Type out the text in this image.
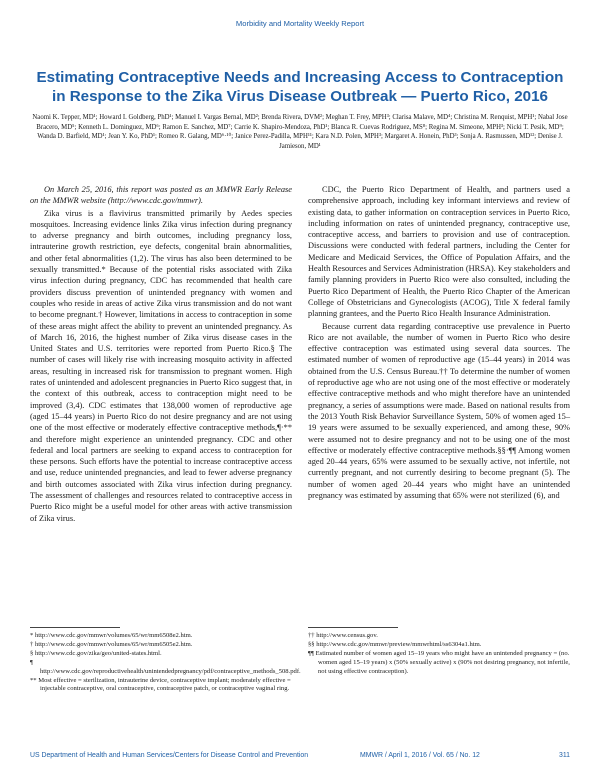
Morbidity and Mortality Weekly Report
Estimating Contraceptive Needs and Increasing Access to Contraception in Response to the Zika Virus Disease Outbreak — Puerto Rico, 2016

Naomi K. Tepper, MD¹; Howard I. Goldberg, PhD¹; Manuel I. Vargas Bernal, MD²; Brenda Rivera, DVM²; Meghan T. Frey, MPH³; Clarisa Malave, MD⁴; Christina M. Renquist, MPH¹; Nabal Jose Bracero, MD⁵; Kenneth L. Dominguez, MD⁶; Ramon E. Sanchez, MD⁷; Carrie K. Shapiro-Mendoza, PhD¹; Blanca R. Cuevas Rodriguez, MS⁸; Regina M. Simeone, MPH³; Nicki T. Pesik, MD⁹; Wanda D. Barfield, MD¹; Jean Y. Ko, PhD¹; Romeo R. Galang, MD⁶·¹⁰; Janice Perez-Padilla, MPH¹¹; Kara N.D. Polen, MPH³; Margaret A. Honein, PhD³; Sonja A. Rasmussen, MD¹²; Denise J. Jamieson, MD¹

On March 25, 2016, this report was posted as an MMWR Early Release on the MMWR website (http://www.cdc.gov/mmwr).

Zika virus is a flavivirus transmitted primarily by Aedes species mosquitoes. Increasing evidence links Zika virus infection during pregnancy to adverse pregnancy and birth outcomes, including pregnancy loss, intrauterine growth restriction, eye defects, congenital brain abnormalities, and other fetal abnormalities (1,2). The virus has also been determined to be sexually transmitted.* Because of the potential risks associated with Zika virus infection during pregnancy, CDC has recommended that health care providers discuss prevention of unintended pregnancy with women and couples who reside in areas of active Zika virus transmission and do not want to become pregnant.† However, limitations in access to contraception in some of these areas might affect the ability to prevent an unintended pregnancy. As of March 16, 2016, the highest number of Zika virus disease cases in the United States and U.S. territories were reported from Puerto Rico.§ The number of cases will likely rise with increasing mosquito activity in affected areas, resulting in increased risk for transmission to pregnant women. High rates of unintended and adolescent pregnancies in Puerto Rico suggest that, in the context of this outbreak, access to contraception might need to be improved (3,4). CDC estimates that 138,000 women of reproductive age (aged 15–44 years) in Puerto Rico do not desire pregnancy and are not using one of the most effective or moderately effective contraceptive methods,¶·** and therefore might experience an unintended pregnancy. CDC and other federal and local partners are seeking to expand access to contraception for these persons. Such efforts have the potential to increase contraceptive access and use, reduce unintended pregnancies, and lead to fewer adverse pregnancy and birth outcomes associated with Zika virus infection during pregnancy. The assessment of challenges and resources related to contraceptive access in Puerto Rico might be a useful model for other areas with active transmission of Zika virus.

CDC, the Puerto Rico Department of Health, and partners used a comprehensive approach, including key informant interviews and review of existing data, to gather information on contraception services in Puerto Rico, including information on rates of unintended pregnancy, contraceptive use, contraceptive access, and barriers to provision and use of contraception. Discussions were conducted with federal partners, including the Center for Medicare and Medicaid Services, the Office of Population Affairs, and the Health Resources and Services Administration (HRSA). Key stakeholders and family planning providers in Puerto Rico were also consulted, including the Puerto Rico Department of Health, the Puerto Rico Chapter of the American College of Obstetricians and Gynecologists (ACOG), Title X federal family planning grantees, and the Puerto Rico Health Insurance Administration.

Because current data regarding contraceptive use prevalence in Puerto Rico are not available, the number of women in Puerto Rico who desire effective contraception was estimated using several data sources. The estimated number of women of reproductive age (15–44 years) in 2014 was obtained from the U.S. Census Bureau.†† To determine the number of women of reproductive age who are not using one of the most effective or moderately effective contraceptive methods and who might therefore have an unintended pregnancy, a series of assumptions were made. Based on national results from the 2013 Youth Risk Behavior Surveillance System, 50% of women aged 15–19 years were assumed to be sexually experienced, and among these, 90% were assumed not to desire pregnancy and not to be using one of the most effective or moderately effective contraceptive methods.§§·¶¶ Among women aged 20–44 years, 65% were assumed to be sexually active, not infertile, not currently pregnant, and not currently desiring to become pregnant (5). The number of women aged 20–44 years who might have an unintended pregnancy was estimated by assuming that 65% were not sterilized (6), and

* http://www.cdc.gov/mmwr/volumes/65/wr/mm6508e2.htm.
† http://www.cdc.gov/mmwr/volumes/65/wr/mm6505e2.htm.
§ http://www.cdc.gov/zika/geo/united-states.html.
¶ http://www.cdc.gov/reproductivehealth/unintendedpregnancy/pdf/contraceptive_methods_508.pdf.
** Most effective = sterilization, intrauterine device, contraceptive implant; moderately effective = injectable contraceptive, oral contraceptive, contraceptive patch, or contraceptive vaginal ring.
†† http://www.census.gov.
§§ http://www.cdc.gov/mmwr/preview/mmwrhtml/ss6304a1.htm.
¶¶ Estimated number of women aged 15–19 years who might have an unintended pregnancy = (no. women aged 15–19 years) x (50% sexually active) x (90% not desiring pregnancy, not infertile, not using effective contraception).
US Department of Health and Human Services/Centers for Disease Control and Prevention	MMWR / April 1, 2016 / Vol. 65 / No. 12	311
